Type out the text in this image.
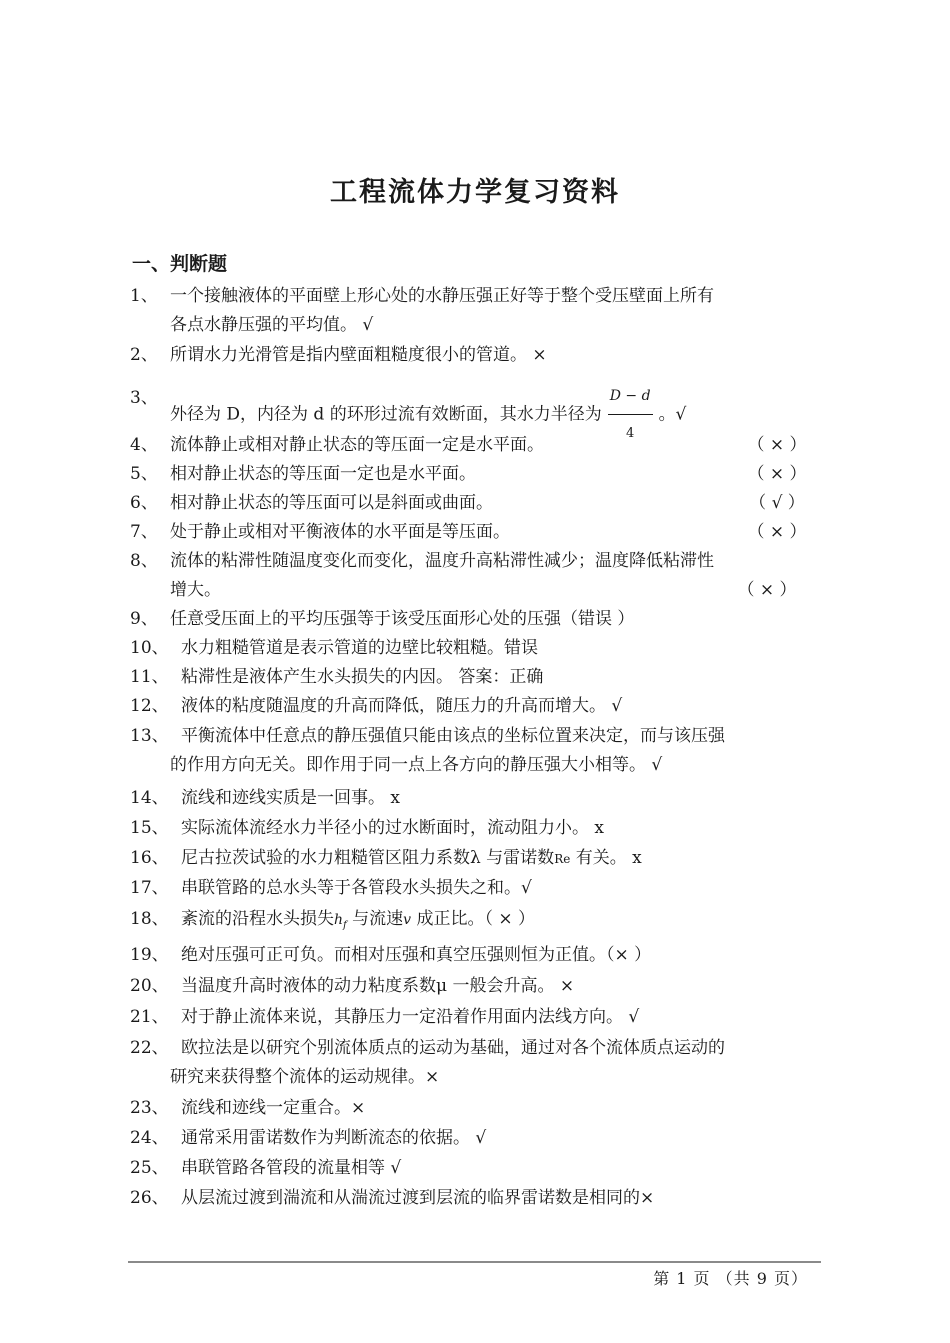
工程流体力学复习资料
一、判断题
1、 一个接触液体的平面壁上形心处的水静压强正好等于整个受压壁面上所有
各点水静压强的平均值。 √
2、 所谓水力光滑管是指内壁面粗糙度很小的管道。 ×
3、
外径为 D，内径为 d 的环形过流有效断面，其水力半径为 $\frac{D - d}{4}$ 。√
4、 流体静止或相对静止状态的等压面一定是水平面。	（ × ）
5、 相对静止状态的等压面一定也是水平面。	（ × ）
6、 相对静止状态的等压面可以是斜面或曲面。	（ √ ）
7、 处于静止或相对平衡液体的水平面是等压面。	（ × ）
8、 流体的粘滞性随温度变化而变化，温度升高粘滞性减少；温度降低粘滞性
增大。	（ × ）
9、 任意受压面上的平均压强等于该受压面形心处的压强（错误 ）
10、 水力粗糙管道是表示管道的边壁比较粗糙。错误
11、 粘滞性是液体产生水头损失的内因。 答案：正确
12、 液体的粘度随温度的升高而降低，随压力的升高而增大。 √
13、 平衡流体中任意点的静压强值只能由该点的坐标位置来决定，而与该压强
的作用方向无关。即作用于同一点上各方向的静压强大小相等。 √
14、 流线和迹线实质是一回事。 x
15、 实际流体流经水力半径小的过水断面时，流动阻力小。 x
16、 尼古拉茨试验的水力粗糙管区阻力系数λ 与雷诺数Re 有关。 x
17、 串联管路的总水头等于各管段水头损失之和。√
18、 紊流的沿程水头损失$h_f$ 与流速v 成正比。（ × ）
19、 绝对压强可正可负。而相对压强和真空压强则恒为正值。（× ）
20、 当温度升高时液体的动力粘度系数μ 一般会升高。 ×
21、 对于静止流体来说，其静压力一定沿着作用面内法线方向。 √
22、 欧拉法是以研究个别流体质点的运动为基础，通过对各个流体质点运动的
研究来获得整个流体的运动规律。×
23、 流线和迹线一定重合。×
24、 通常采用雷诺数作为判断流态的依据。 √
25、 串联管路各管段的流量相等 √
26、 从层流过渡到湍流和从湍流过渡到层流的临界雷诺数是相同的×
第 1 页 （共 9 页）
